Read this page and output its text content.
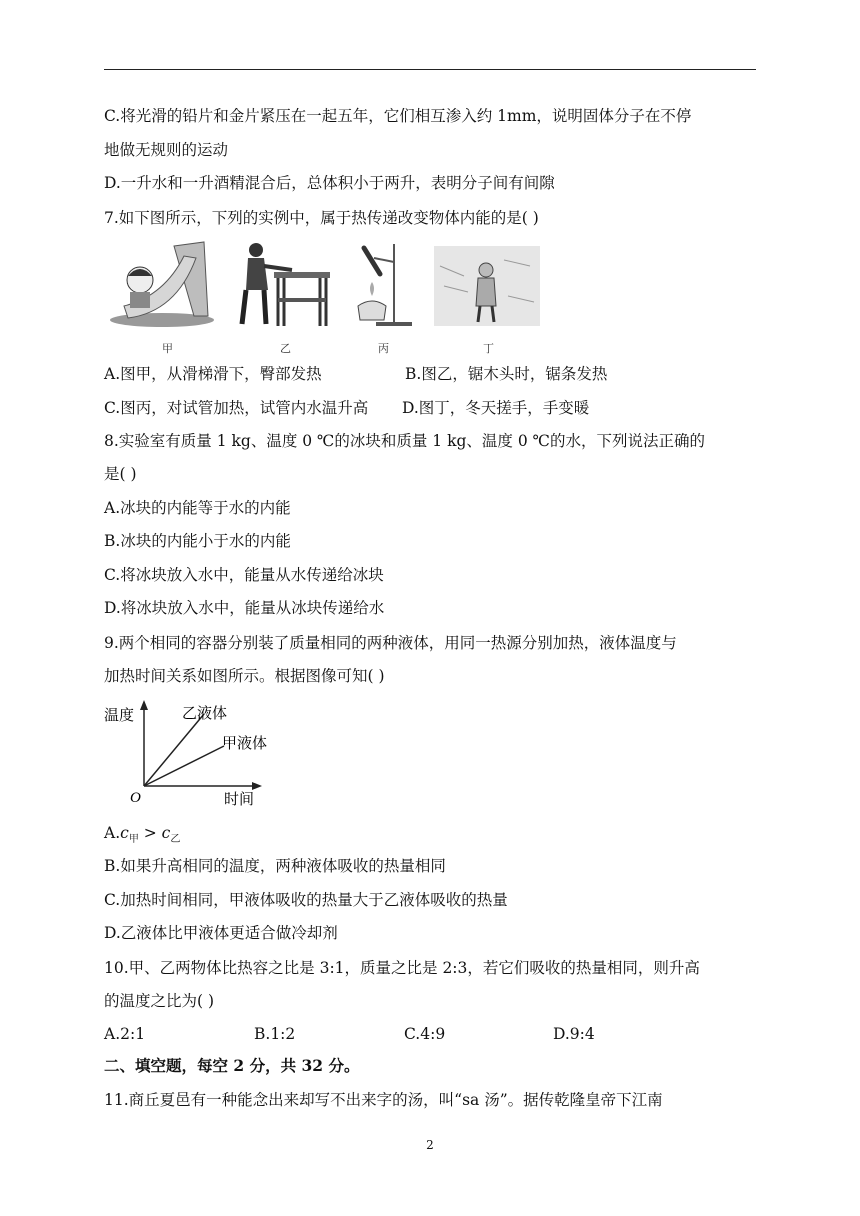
C.将光滑的铅片和金片紧压在一起五年，它们相互渗入约 1mm，说明固体分子在不停
地做无规则的运动
D.一升水和一升酒精混合后，总体积小于两升，表明分子间有间隙
7.如下图所示，下列的实例中，属于热传递改变物体内能的是( )
甲	乙	丙	丁
A.图甲，从滑梯滑下，臀部发热	B.图乙，锯木头时，锯条发热
C.图丙，对试管加热，试管内水温升高 D.图丁，冬天搓手，手变暖
8.实验室有质量 1 kg、温度 0 ℃的冰块和质量 1 kg、温度 0 ℃的水，下列说法正确的
是( )
A.冰块的内能等于水的内能
B.冰块的内能小于水的内能
C.将冰块放入水中，能量从水传递给冰块
D.将冰块放入水中，能量从冰块传递给水
9.两个相同的容器分别装了质量相同的两种液体，用同一热源分别加热，液体温度与
加热时间关系如图所示。根据图像可知( )
温度	乙液体
甲液体
O	时间
$A.c_甲 > c_乙$
B.如果升高相同的温度，两种液体吸收的热量相同
C.加热时间相同，甲液体吸收的热量大于乙液体吸收的热量
D.乙液体比甲液体更适合做冷却剂
10.甲、乙两物体比热容之比是 3:1，质量之比是 2:3，若它们吸收的热量相同，则升高
的温度之比为( )
A.2:1	B.1:2	C.4:9	D.9:4
二、填空题，每空 2 分，共 32 分。
11.商丘夏邑有一种能念出来却写不出来字的汤，叫“sa 汤”。据传乾隆皇帝下江南
2
